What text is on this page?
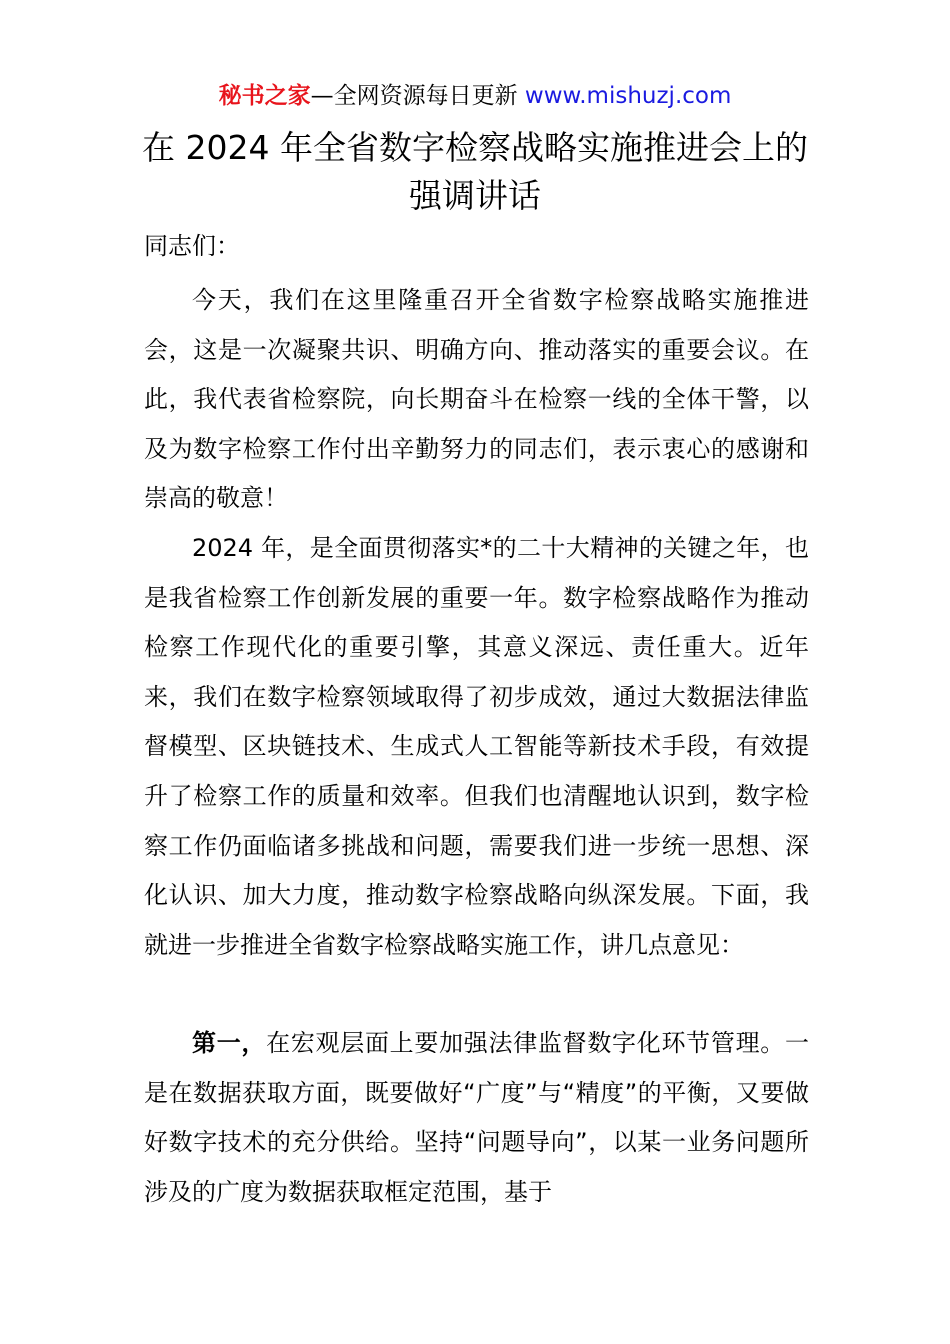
秘书之家—全网资源每日更新 www.mishuzj.com
在 2024 年全省数字检察战略实施推进会上的强调讲话
同志们：

今天，我们在这里隆重召开全省数字检察战略实施推进会，这是一次凝聚共识、明确方向、推动落实的重要会议。在此，我代表省检察院，向长期奋斗在检察一线的全体干警，以及为数字检察工作付出辛勤努力的同志们，表示衷心的感谢和崇高的敬意！

2024 年，是全面贯彻落实*的二十大精神的关键之年，也是我省检察工作创新发展的重要一年。数字检察战略作为推动检察工作现代化的重要引擎，其意义深远、责任重大。近年来，我们在数字检察领域取得了初步成效，通过大数据法律监督模型、区块链技术、生成式人工智能等新技术手段，有效提升了检察工作的质量和效率。但我们也清醒地认识到，数字检察工作仍面临诸多挑战和问题，需要我们进一步统一思想、深化认识、加大力度，推动数字检察战略向纵深发展。下面，我就进一步推进全省数字检察战略实施工作，讲几点意见：

第一，在宏观层面上要加强法律监督数字化环节管理。一是在数据获取方面，既要做好“广度”与“精度”的平衡，又要做好数字技术的充分供给。坚持“问题导向”，以某一业务问题所涉及的广度为数据获取框定范围，基于
